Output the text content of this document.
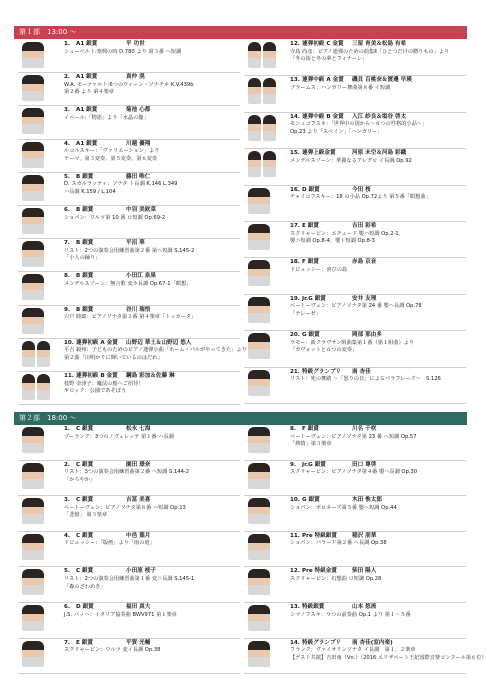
第１部　13:00 ～
1. A1 銀賞	平 功世
シューベルト:楽興の時 D.780 より 第３番 ヘ短調
2. A1 銀賞	真仲 滉
W.A. モーツァルト:6つのウィーン・ソナチネ K.V.439b
第２番 より 第４楽章
3. A1 銀賞	菊池 心都
イベール:「物語」より「水晶の籠」
4. A1 銀賞	川越 優翔
ルコルスキー：「ヴァリエーション」より
テーマ、第３変奏、第５変奏、第６変奏
5. B 銀賞	藤田 唯仁
D. スカルラッティ：ソナタ ト長調 K.146 L.349
ハ長調 K.159 / L.104
6. B 銀賞	中羽 美欧菜
ショパン：ワルツ第 10 番 ロ短調 Op.69-2
7. B 銀賞	平沼 華
リスト：2つの演奏会用練習曲第２番 第ヘ短調 S.145-2
「小人の踊り」
8. B 銀賞	小田江 泉果
メンデルスゾーン：無言歌 変ホ長調 Op.67-1「瞑想」
9. B 銀賞	谷川 瑞悟
宍戸 睦郎：ピアノソナタ第２番 第４楽章「トッカータ」
10. 連弾初級 A 金賞 山野辺 華土＆山野辺 悠人
平吉 毅州：子どものためのピアノ連弾小曲「ホーム・パルがやってきた」より
第２曲「川明かりに輝いているのはだれ」
11. 連弾初級 B 金賞 鋼島 彩加＆佐藤 琳
枝野 奈津子：魔法の船へご招待！
ギロック：公園であそぼう
12. 連弾初級 C 金賞 三留 育美＆松島 有希
寺島 尚彦：ピアノ連弾のための曲集Ⅱ「ひとつだけの贈りもの」より
「冬の街と冬の夢とフィナーレ」
13. 連弾中級 A 金賞 磯貝 百桃奈＆渡邊 早瑛
ブラームス：ハンガリー舞曲第８番 イ短調
14. 連弾中級 B 金賞 入江 紗良＆塩谷 啓太
モシュコフスキ：「世界中の国から～６つの性格的小品～」
Op.23 より「スペイン」「ハンガリー」
15. 連弾上級金賞	河原 未空＆河島 彩織
メンデルスゾーン：華麗なるアレグロ イ長調 Op.92
16. D 銀賞	今田 桜
チャイコフスキー：18 の小品 Op.72より 第５番「瞑想曲」
17. E 銀賞	吉田 彩希
スクリャービン：エチュード 嬰ハ短調 Op.2-1、
嬰ニ短調 Op.8-4、嬰ト短調 Op.8-3
18. F 銀賞	赤島 京音
ドビュッシー：喜びの島
19. Jr.G 銀賞	安井 友理
ベートーヴェン：ピアノソナタ第 24 番 嬰ヘ長調 Op.78
「テレーゼ」
20. G 銀賞	岡部 那由多
ラモー：新クラヴサン組曲集第１番（第１組曲）より
「ガヴォットと６つの変奏」
21. 特級グランプリ 南 杏佳
リスト：死の舞踏 ～「怒りの日」によるパラフレーズ～　S.126
第２部　18:00 ～
1. C 銀賞	松永 七海
プーランク：3つのノヴェレッテ 第１番 ハ長調
2. C 銀賞	園田 璟奈
リスト：3つの演奏会用練習曲第２番 ヘ短調 S.144-2
「かろやか」
3. C 銀賞	吉冨 美喜
ベートーヴェン：ピアノソナタ第８番 ハ短調 Op.13
「悲愴」 第３楽章
4. C 銀賞	中邑 葉月
ドビュッシー：「版画」より「雨の庭」
5. C 銀賞	小田原 桜子
リスト：2つの演奏会用練習曲第１番 変ニ長調 S.145-1
「森のざわめき」
6. D 銀賞	福田 真大
J.S. バッハ：イタリア協奏曲 BWV971 第１楽章
7. E 銀賞	平賀 光輔
スクリャービン：ワルツ 変イ長調 Op.38
8. F 銀賞	川名 千咲
ベートーヴェン：ピアノソナタ第 23 番 ヘ短調 Op.57
「熱情」第３楽章
9. Jr.G 銀賞	田口 尊啓
スクリャービン：ピアノソナタ第４番 嬰ヘ長調 Op.30
10. G 銀賞	木田 惟太郎
ショパン：ポロネーズ第５番 嬰ヘ短調 Op.44
11. Pre 特級銀賞	稲沢 朋華
ショパン：バラード第２番 ヘ長調 Op.38
12. Pre 特級金賞	柴田 陽人
スクリャービン：幻想曲 ロ短調 Op.28
13. 特級銀賞	山本 悠流
シマノフスキ：９つの前奏曲 Op.1 より 第１～５番
14. 特級グランプリ 南 杏佳(室内楽)
フランク：ヴァイオリンソナタ イ長調　第１、２楽章
【ゲスト共演】吉田南（Vn.）（2016 エリザベート王妃国際音楽コンクール第６位）
